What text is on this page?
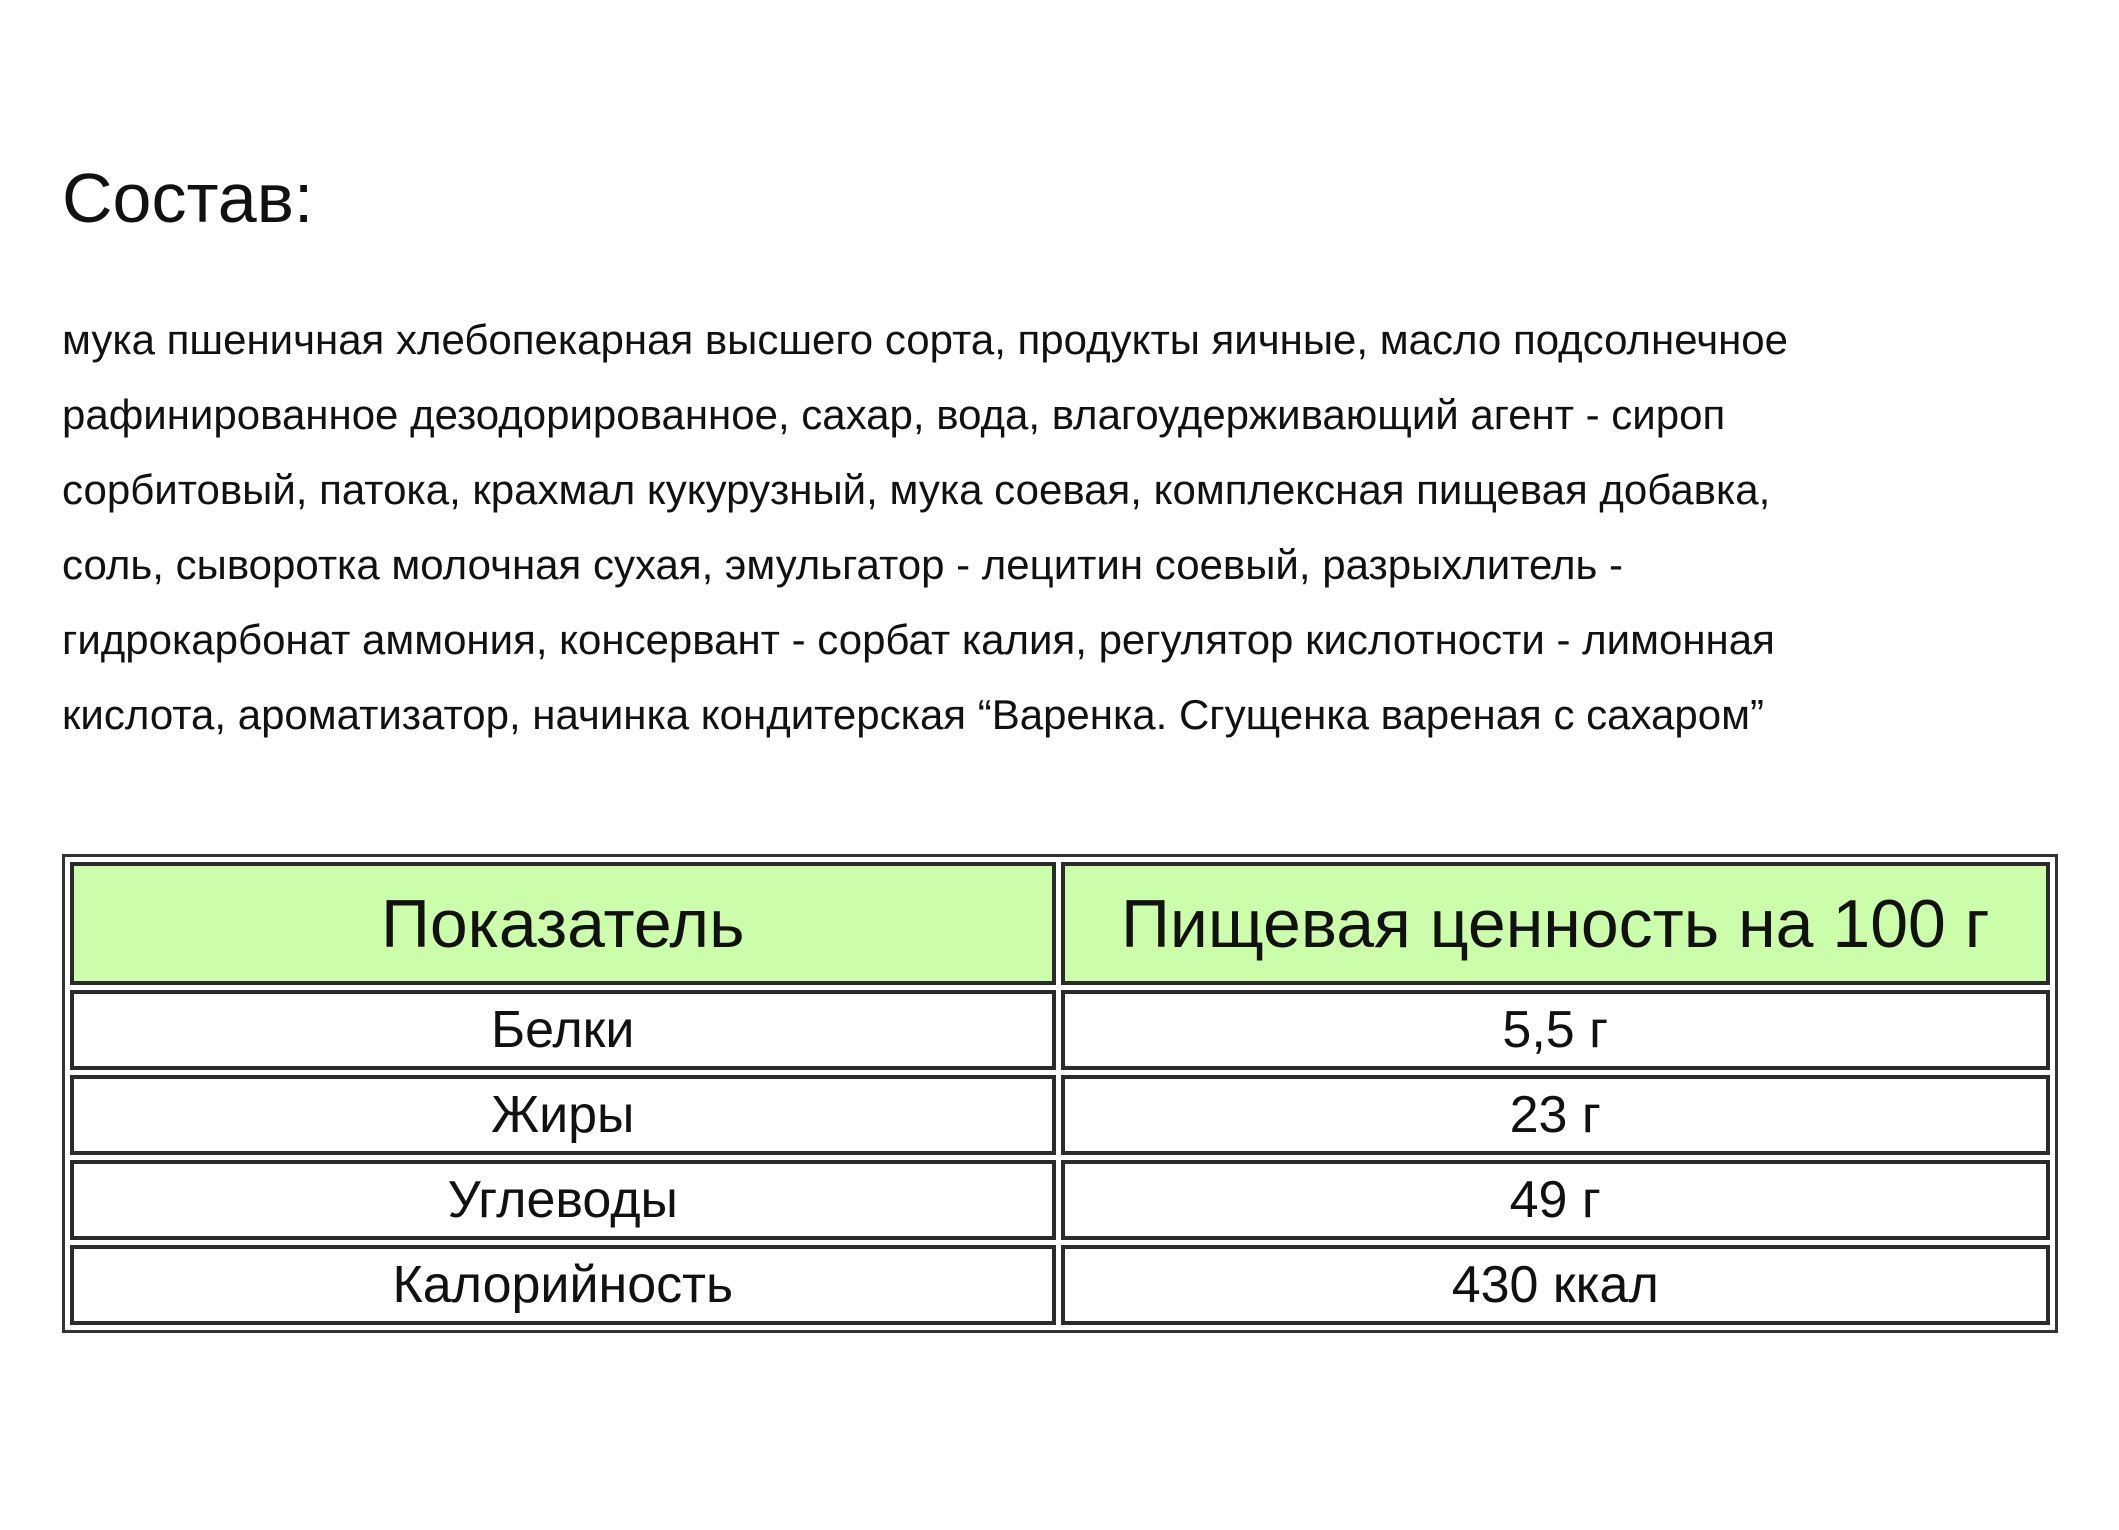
Состав:

мука пшеничная хлебопекарная высшего сорта, продукты яичные, масло подсолнечное
рафинированное дезодорированное, сахар, вода, влагоудерживающий агент - сироп
сорбитовый, патока, крахмал кукурузный, мука соевая, комплексная пищевая добавка,
соль, сыворотка молочная сухая, эмульгатор - лецитин соевый, разрыхлитель -
гидрокарбонат аммония, консервант - сорбат калия, регулятор кислотности - лимонная
кислота, ароматизатор, начинка кондитерская “Варенка. Сгущенка вареная с сахаром”

Показатель	Пищевая ценность на 100 г
Белки	5,5 г
Жиры	23 г
Углеводы	49 г
Калорийность	430 ккал
